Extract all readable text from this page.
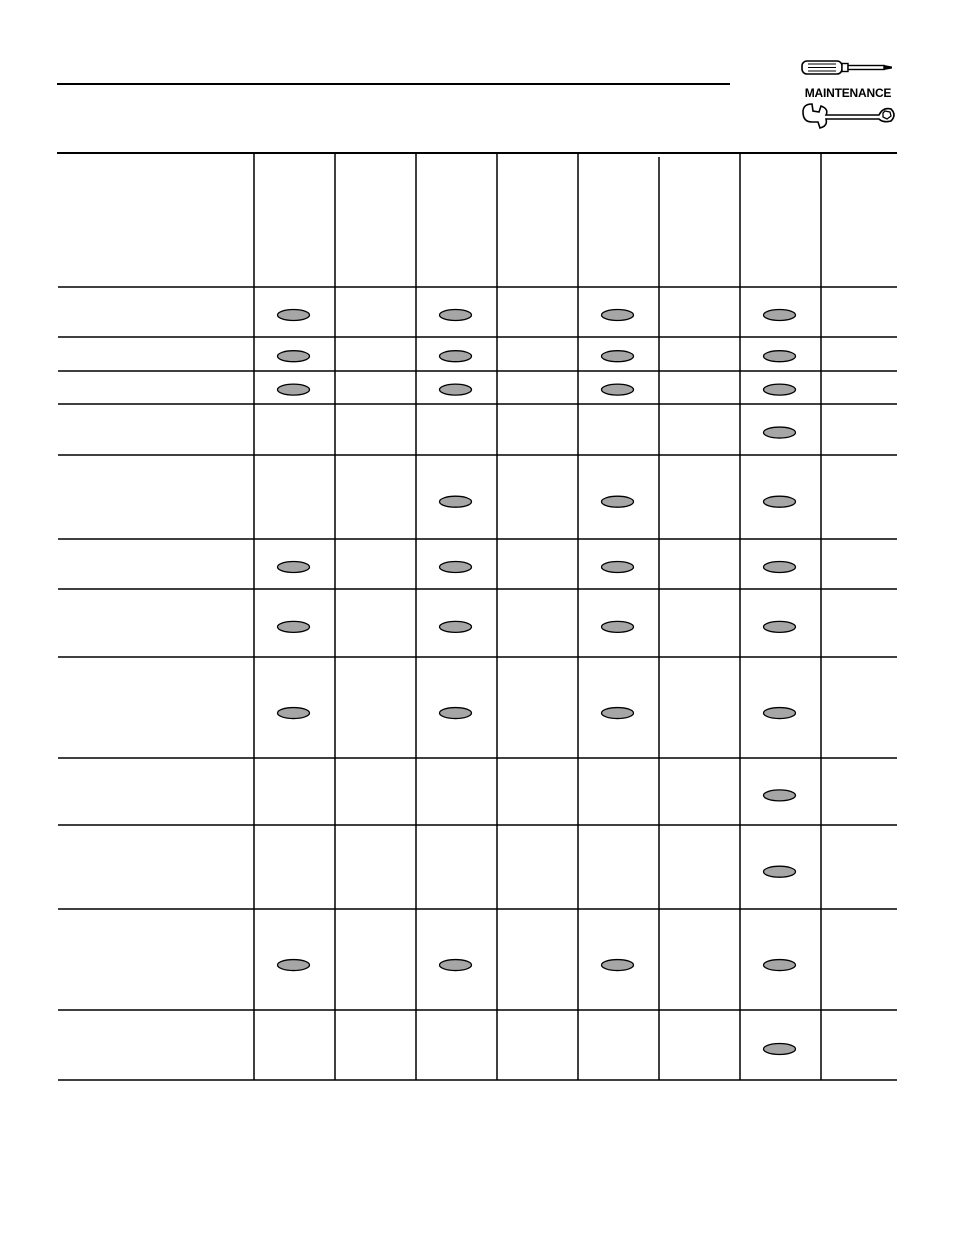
MAINTENANCE
